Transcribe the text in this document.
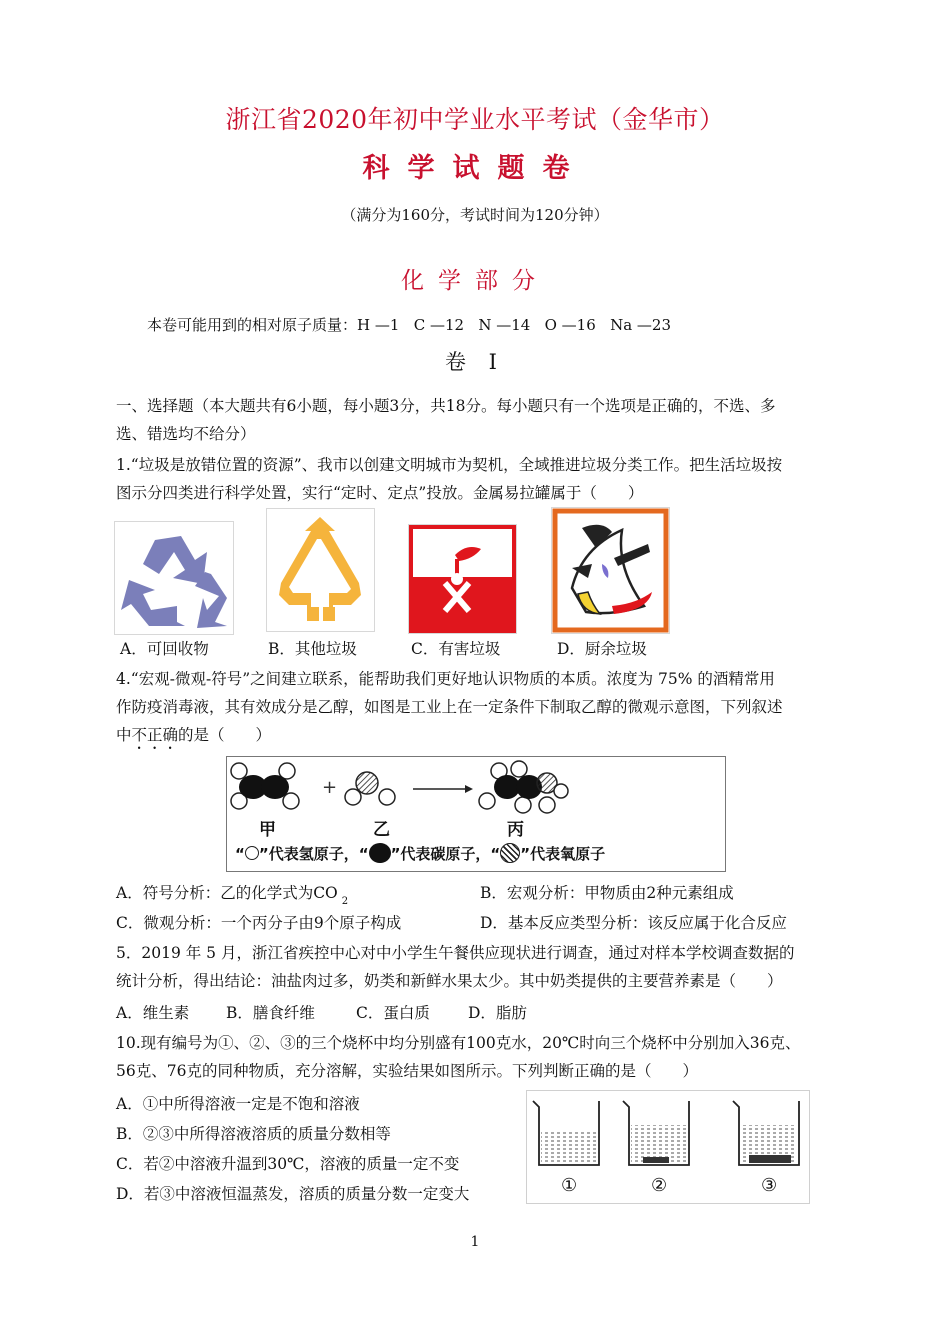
浙江省2020年初中学业水平考试（金华市）
科学试题卷
（满分为160分，考试时间为120分钟）
化学部分
本卷可能用到的相对原子质量：H —1   C —12   N —14   O —16   Na —23
卷 I
一、选择题（本大题共有6小题，每小题3分，共18分。每小题只有一个选项是正确的，不选、多
选、错选均不给分）
1.“垃圾是放错位置的资源”、我市以创建文明城市为契机，全域推进垃圾分类工作。把生活垃圾按
图示分四类进行科学处置，实行“定时、定点”投放。金属易拉罐属于（　　）
A．可回收物	B．其他垃圾	C．有害垃圾	D．厨余垃圾
4.“宏观-微观-符号”之间建立联系，能帮助我们更好地认识物质的本质。浓度为 75% 的酒精常用
作防疫消毒液，其有效成分是乙醇，如图是工业上在一定条件下制取乙醇的微观示意图，下列叙述
中不正确的是（　　）
+
甲	乙	丙
“ ”代表氢原子，“ ”代表碳原子，“ ”代表氧原子
A．符号分析：乙的化学式为CO $_2$	B．宏观分析：甲物质由2种元素组成
C．微观分析：一个丙分子由9个原子构成	D．基本反应类型分析：该反应属于化合反应
5．2019 年 5 月，浙江省疾控中心对中小学生午餐供应现状进行调查，通过对样本学校调查数据的
统计分析，得出结论：油盐肉过多，奶类和新鲜水果太少。其中奶类提供的主要营养素是（　　）
A．维生素 B．膳食纤维	C．蛋白质 D．脂肪
10.现有编号为①、②、③的三个烧杯中均分别盛有100克水，20℃时向三个烧杯中分别加入36克、
56克、76克的同种物质，充分溶解，实验结果如图所示。下列判断正确的是（　　）
A．①中所得溶液一定是不饱和溶液
B．②③中所得溶液溶质的质量分数相等
C．若②中溶液升温到30℃，溶液的质量一定不变
D．若③中溶液恒温蒸发，溶质的质量分数一定变大	①	②	③
1
